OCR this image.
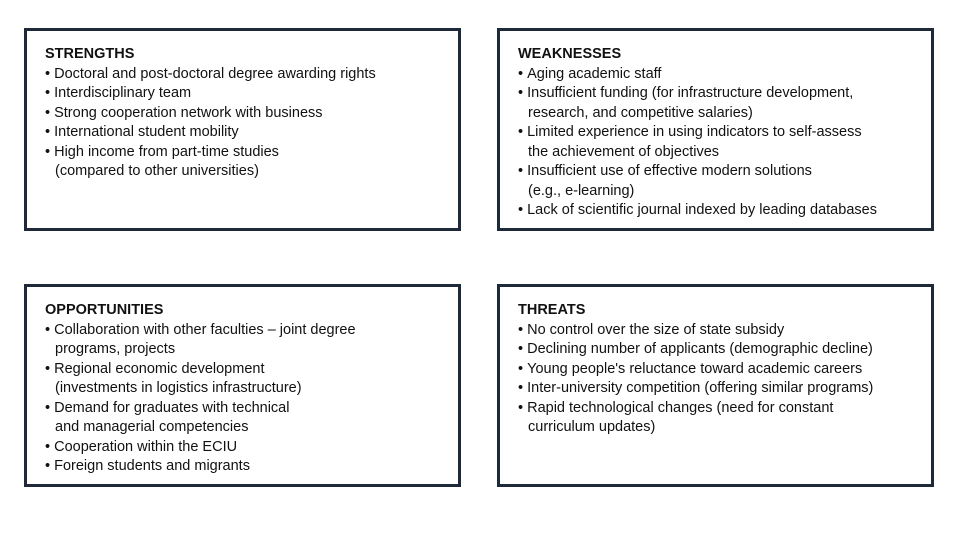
STRENGTHS
• Doctoral and post-doctoral degree awarding rights
• Interdisciplinary team
• Strong cooperation network with business
• International student mobility
• High income from part-time studies
(compared to other universities)
WEAKNESSES
• Aging academic staff
• Insufficient funding (for infrastructure development,
research, and competitive salaries)
• Limited experience in using indicators to self-assess
the achievement of objectives
• Insufficient use of effective modern solutions
(e.g., e-learning)
• Lack of scientific journal indexed by leading databases
OPPORTUNITIES
• Collaboration with other faculties – joint degree
programs, projects
• Regional economic development
(investments in logistics infrastructure)
• Demand for graduates with technical
and managerial competencies
• Cooperation within the ECIU
• Foreign students and migrants
THREATS
• No control over the size of state subsidy
• Declining number of applicants (demographic decline)
• Young people's reluctance toward academic careers
• Inter-university competition (offering similar programs)
• Rapid technological changes (need for constant
curriculum updates)
